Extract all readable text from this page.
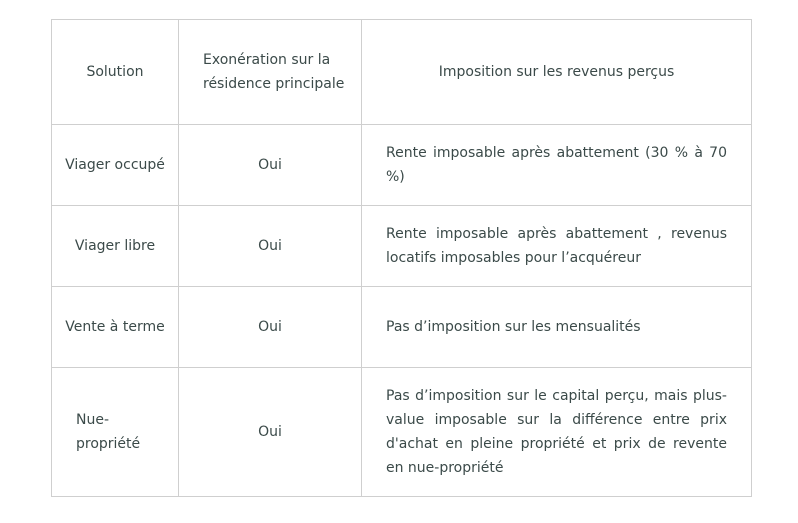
Solution	Exonération sur la résidence principale	Imposition sur les revenus perçus
Viager occupé	Oui	Rente imposable après abattement (30 % à 70 %)
Viager libre	Oui	Rente imposable après abattement , revenus locatifs imposables pour l’acquéreur
Vente à terme	Oui	Pas d’imposition sur les mensualités
Nue-propriété	Oui	Pas d’imposition sur le capital perçu, mais plus-value imposable sur la différence entre prix d'achat en pleine propriété et prix de revente en nue-propriété
